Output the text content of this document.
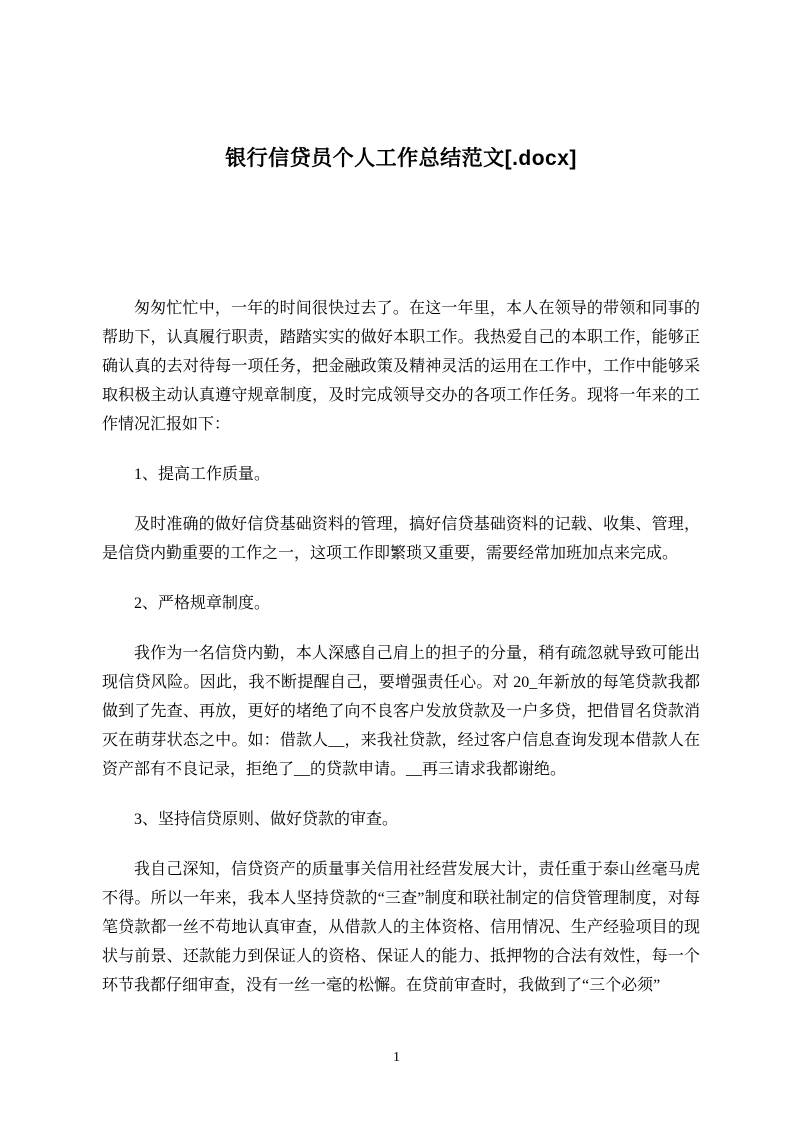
银行信贷员个人工作总结范文[.docx]

匆匆忙忙中，一年的时间很快过去了。在这一年里，本人在领导的带领和同事的帮助下，认真履行职责，踏踏实实的做好本职工作。我热爱自己的本职工作，能够正确认真的去对待每一项任务，把金融政策及精神灵活的运用在工作中，工作中能够采取积极主动认真遵守规章制度，及时完成领导交办的各项工作任务。现将一年来的工作情况汇报如下：

1、提高工作质量。

及时准确的做好信贷基础资料的管理，搞好信贷基础资料的记载、收集、管理，是信贷内勤重要的工作之一，这项工作即繁琐又重要，需要经常加班加点来完成。

2、严格规章制度。

我作为一名信贷内勤，本人深感自己肩上的担子的分量，稍有疏忽就导致可能出现信贷风险。因此，我不断提醒自己，要增强责任心。对 20_年新放的每笔贷款我都做到了先查、再放，更好的堵绝了向不良客户发放贷款及一户多贷，把借冒名贷款消灭在萌芽状态之中。如：借款人__，来我社贷款，经过客户信息查询发现本借款人在资产部有不良记录，拒绝了__的贷款申请。__再三请求我都谢绝。

3、坚持信贷原则、做好贷款的审查。

我自己深知，信贷资产的质量事关信用社经营发展大计，责任重于泰山丝毫马虎不得。所以一年来，我本人坚持贷款的“三查”制度和联社制定的信贷管理制度，对每笔贷款都一丝不苟地认真审查，从借款人的主体资格、信用情况、生产经验项目的现状与前景、还款能力到保证人的资格、保证人的能力、抵押物的合法有效性，每一个环节我都仔细审查，没有一丝一毫的松懈。在贷前审查时，我做到了“三个必须”

1
